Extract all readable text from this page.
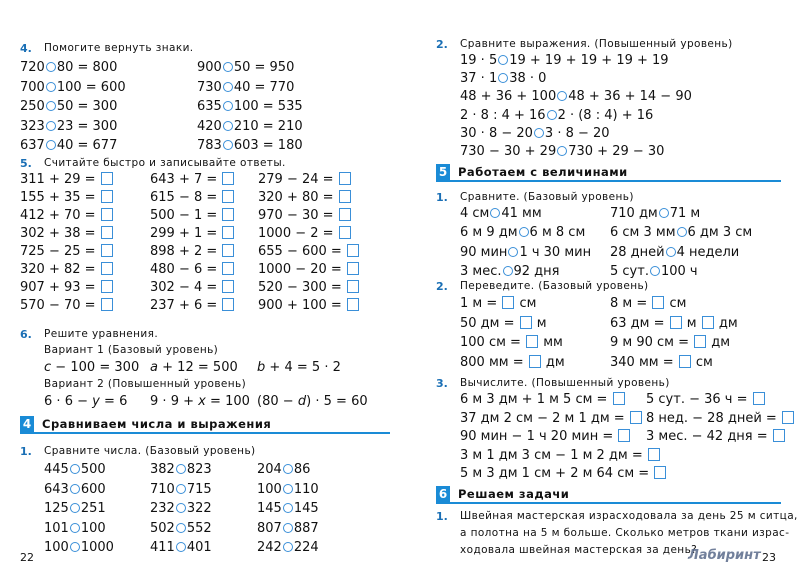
4. Помогите вернуть знаки.
720 80 = 800
700 100 = 600
250 50 = 300
323 23 = 300
637 40 = 677
900 50 = 950
730 40 = 770
635 100 = 535
420 210 = 210
783 603 = 180
5. Считайте быстро и записывайте ответы.
311 + 29 =
155 + 35 =
412 + 70 =
302 + 38 =
725 − 25 =
320 + 82 =
907 + 93 =
570 − 70 =
643 + 7 =
615 − 8 =
500 − 1 =
299 + 1 =
898 + 2 =
480 − 6 =
302 − 4 =
237 + 6 =
279 − 24 =
320 + 80 =
970 − 30 =
1000 − 2 =
655 − 600 =
1000 − 20 =
520 − 300 =
900 + 100 =
6. Решите уравнения.
Вариант 1 (Базовый уровень)
c − 100 = 300 a + 12 = 500 b + 4 = 5 · 2
Вариант 2 (Повышенный уровень)
6 · 6 − y = 6 9 · 9 + x = 100 (80 − d) · 5 = 60
4 Сравниваем числа и выражения
1. Сравните числа. (Базовый уровень)
445 500
643 600
125 251
101 100
100 1000
382 823
710 715
232 322
502 552
411 401
204 86
100 110
145 145
807 887
242 224
22
2. Сравните выражения. (Повышенный уровень)
19 · 5 19 + 19 + 19 + 19 + 19
37 · 1 38 · 0
48 + 36 + 100 48 + 36 + 14 − 90
2 · 8 : 4 + 16 2 · (8 : 4) + 16
30 · 8 − 20 3 · 8 − 20
730 − 30 + 29 730 + 29 − 30
5 Работаем с величинами
1. Сравните. (Базовый уровень)
4 см 41 мм
6 м 9 дм 6 м 8 см
90 мин 1 ч 30 мин
3 мес. 92 дня
710 дм 71 м
6 см 3 мм 6 дм 3 см
28 дней 4 недели
5 сут. 100 ч
2. Переведите. (Базовый уровень)
1 м = см
50 дм = м
100 см = мм
800 мм = дм
8 м = см
63 дм = м дм
9 м 90 см = дм
340 мм = см
3. Вычислите. (Повышенный уровень)
6 м 3 дм + 1 м 5 см =
37 дм 2 см − 2 м 1 дм =
90 мин − 1 ч 20 мин =
3 м 1 дм 3 см − 1 м 2 дм =
5 м 3 дм 1 см + 2 м 64 см =
5 сут. − 36 ч =
8 нед. − 28 дней =
3 мес. − 42 дня =
6 Решаем задачи
1. Швейная мастерская израсходовала за день 25 м ситца,
а полотна на 5 м больше. Сколько метров ткани израс-
ходовала швейная мастерская за день?
23
Лабиринт
